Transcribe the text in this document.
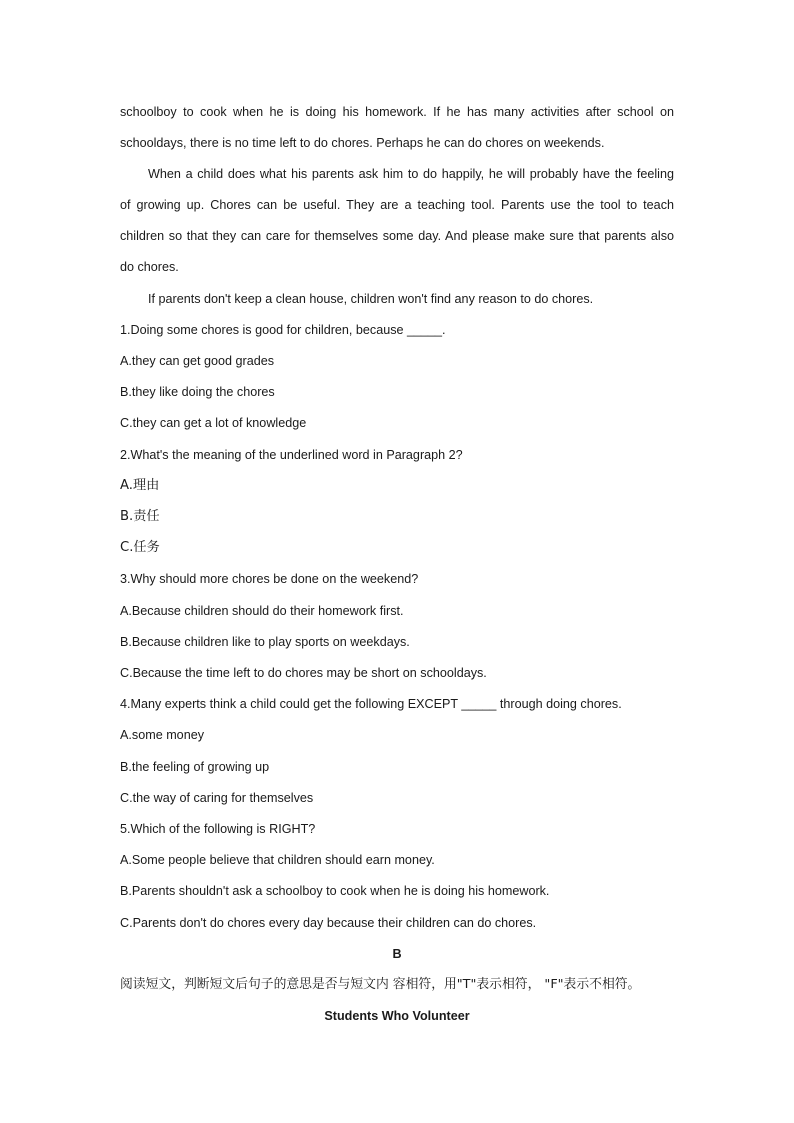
schoolboy to cook when he is doing his homework. If he has many activities after school on
schooldays, there is no time left to do chores. Perhaps he can do chores on weekends.
When a child does what his parents ask him to do happily, he will probably have the feeling
of growing up. Chores can be useful. They are a teaching tool. Parents use the tool to teach
children so that they can care for themselves some day. And please make sure that parents also
do chores.
If parents don't keep a clean house, children won't find any reason to do chores.
1.Doing some chores is good for children, because _____.
A.they can get good grades
B.they like doing the chores
C.they can get a lot of knowledge
2.What's the meaning of the underlined word in Paragraph 2?
A.理由
B.责任
C.任务
3.Why should more chores be done on the weekend?
A.Because children should do their homework first.
B.Because children like to play sports on weekdays.
C.Because the time left to do chores may be short on schooldays.
4.Many experts think a child could get the following EXCEPT _____ through doing chores.
A.some money
B.the feeling of growing up
C.the way of caring for themselves
5.Which of the following is RIGHT?
A.Some people believe that children should earn money.
B.Parents shouldn't ask a schoolboy to cook when he is doing his homework.
C.Parents don't do chores every day because their children can do chores.
B
阅读短文，判断短文后句子的意思是否与短文内 容相符，用"T"表示相符， "F"表示不相符。
Students Who Volunteer
